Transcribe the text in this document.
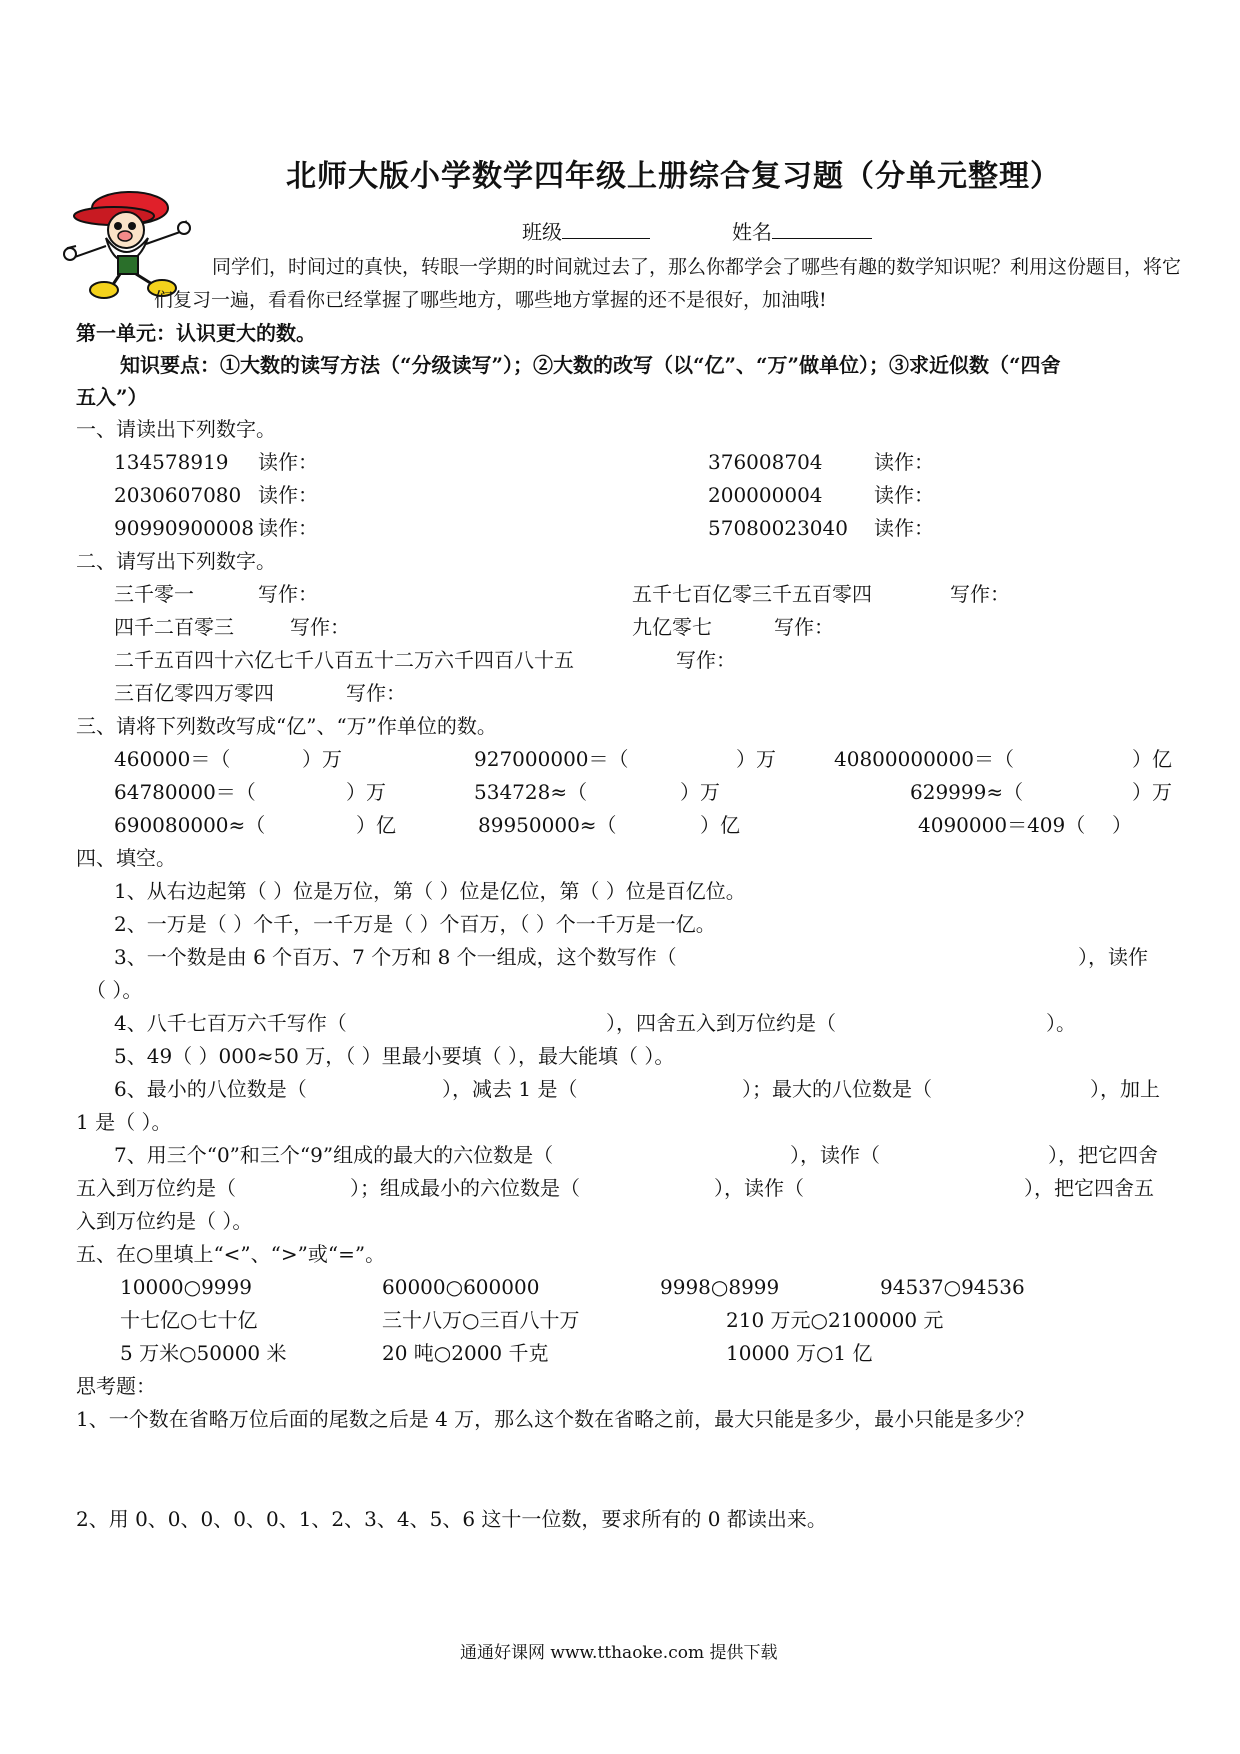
北师大版小学数学四年级上册综合复习题（分单元整理）
班级	姓名
同学们，时间过的真快，转眼一学期的时间就过去了，那么你都学会了哪些有趣的数学知识呢？利用这份题目，将它
们复习一遍，看看你已经掌握了哪些地方，哪些地方掌握的还不是很好，加油哦!
第一单元：认识更大的数。
知识要点：①大数的读写方法（“分级读写”）；②大数的改写（以“亿”、“万”做单位）；③求近似数（“四舍
五入”）
一、请读出下列数字。
134578919 读作：	376008704	读作：
2030607080 读作：	200000004	读作：
90990900008 读作：	57080023040 读作：
二、请写出下列数字。
三千零一	写作：	五千七百亿零三千五百零四	写作：
四千二百零三	写作：	九亿零七	写作：
二千五百四十六亿七千八百五十二万六千四百八十五	写作：
三百亿零四万零四	写作：
三、请将下列数改写成“亿”、“万”作单位的数。
460000＝（	）万	927000000＝（	）万	40800000000＝（	）亿
64780000＝（	）万	534728≈（	）万	629999≈（	）万
690080000≈（	）亿	89950000≈（	）亿	4090000＝409（ ）
四、填空。
1、从右边起第（ ）位是万位，第（ ）位是亿位，第（ ）位是百亿位。
2、一万是（ ）个千，一千万是（ ）个百万，（ ）个一千万是一亿。
3、一个数是由 6 个百万、7 个万和 8 个一组成，这个数写作（	），读作
（ ）。
4、八千七百万六千写作（	），四舍五入到万位约是（	）。
5、49（ ）000≈50 万，（ ）里最小要填（ ），最大能填（ ）。
6、最小的八位数是（	），减去 1 是（	）；最大的八位数是（	），加上
1 是（ ）。
7、用三个“0”和三个“9”组成的最大的六位数是（	），读作（	），把它四舍
五入到万位约是（	）；组成最小的六位数是（	），读作（	），把它四舍五
入到万位约是（ ）。
五、在○里填上“<”、“>”或“=”。
10000○9999	60000○600000	9998○8999	94537○94536
十七亿○七十亿	三十八万○三百八十万	210 万元○2100000 元
5 万米○50000 米	20 吨○2000 千克	10000 万○1 亿
思考题：
1、一个数在省略万位后面的尾数之后是 4 万，那么这个数在省略之前，最大只能是多少，最小只能是多少？
2、用 0、0、0、0、0、1、2、3、4、5、6 这十一位数，要求所有的 0 都读出来。
通通好课网 www.tthaoke.com 提供下载
